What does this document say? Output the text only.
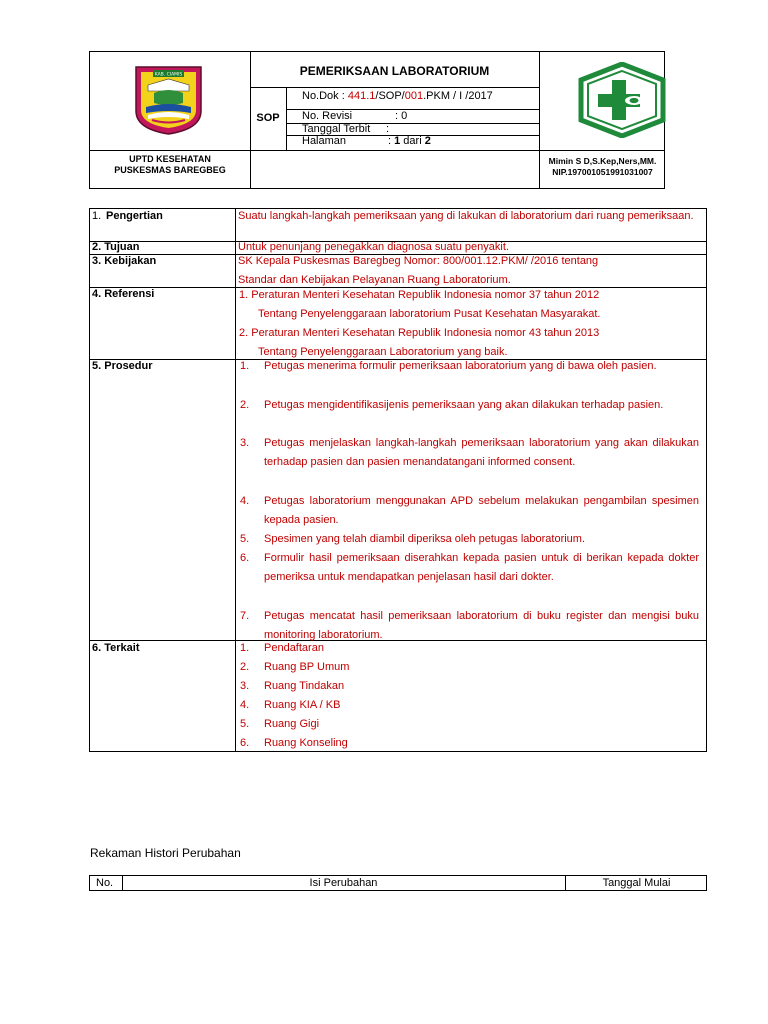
KAB. CIAMIS	PEMERIKSAAN LABORATORIUM
SOP
No.Dok : 441.1/SOP/001.PKM / I /2017
No. Revisi	: 0
Tanggal Terbit :
Halaman	: 1 dari 2
UPTD KESEHATAN
PUSKESMAS BAREGBEG
Mimin S D,S.Kep,Ners,MM.
NIP.197001051991031007
1. Pengertian	Suatu langkah-langkah pemeriksaan yang di lakukan di laboratorium dari ruang pemeriksaan.
2. Tujuan	Untuk penunjang penegakkan diagnosa suatu penyakit.
3. Kebijakan	SK Kepala Puskesmas Baregbeg Nomor: 800/001.12.PKM/ /2016 tentang
Standar dan Kebijakan Pelayanan Ruang Laboratorium.
4. Referensi	1. Peraturan Menteri Kesehatan Republik Indonesia nomor 37 tahun 2012
Tentang Penyelenggaraan laboratorium Pusat Kesehatan Masyarakat.
2. Peraturan Menteri Kesehatan Republik Indonesia nomor 43 tahun 2013
Tentang Penyelenggaraan Laboratorium yang baik.
5. Prosedur	1.	Petugas menerima formulir pemeriksaan laboratorium yang di bawa oleh pasien.
2.	Petugas mengidentifikasijenis pemeriksaan yang akan dilakukan terhadap pasien.
3.	Petugas menjelaskan langkah-langkah pemeriksaan laboratorium yang akan dilakukan terhadap pasien dan pasien menandatangani informed consent.
4.	Petugas laboratorium menggunakan APD sebelum melakukan pengambilan spesimen kepada pasien.
5.	Spesimen yang telah diambil diperiksa oleh petugas laboratorium.
6.	Formulir hasil pemeriksaan diserahkan kepada pasien untuk di berikan kepada dokter pemeriksa untuk mendapatkan penjelasan hasil dari dokter.
7.	Petugas mencatat hasil pemeriksaan laboratorium di buku register dan mengisi buku monitoring laboratorium.
6. Terkait	1.	Pendaftaran
2.	Ruang BP Umum
3.	Ruang Tindakan
4.	Ruang KIA / KB
5.	Ruang Gigi
6.	Ruang Konseling
Rekaman Histori Perubahan
No.	Isi Perubahan	Tanggal Mulai
